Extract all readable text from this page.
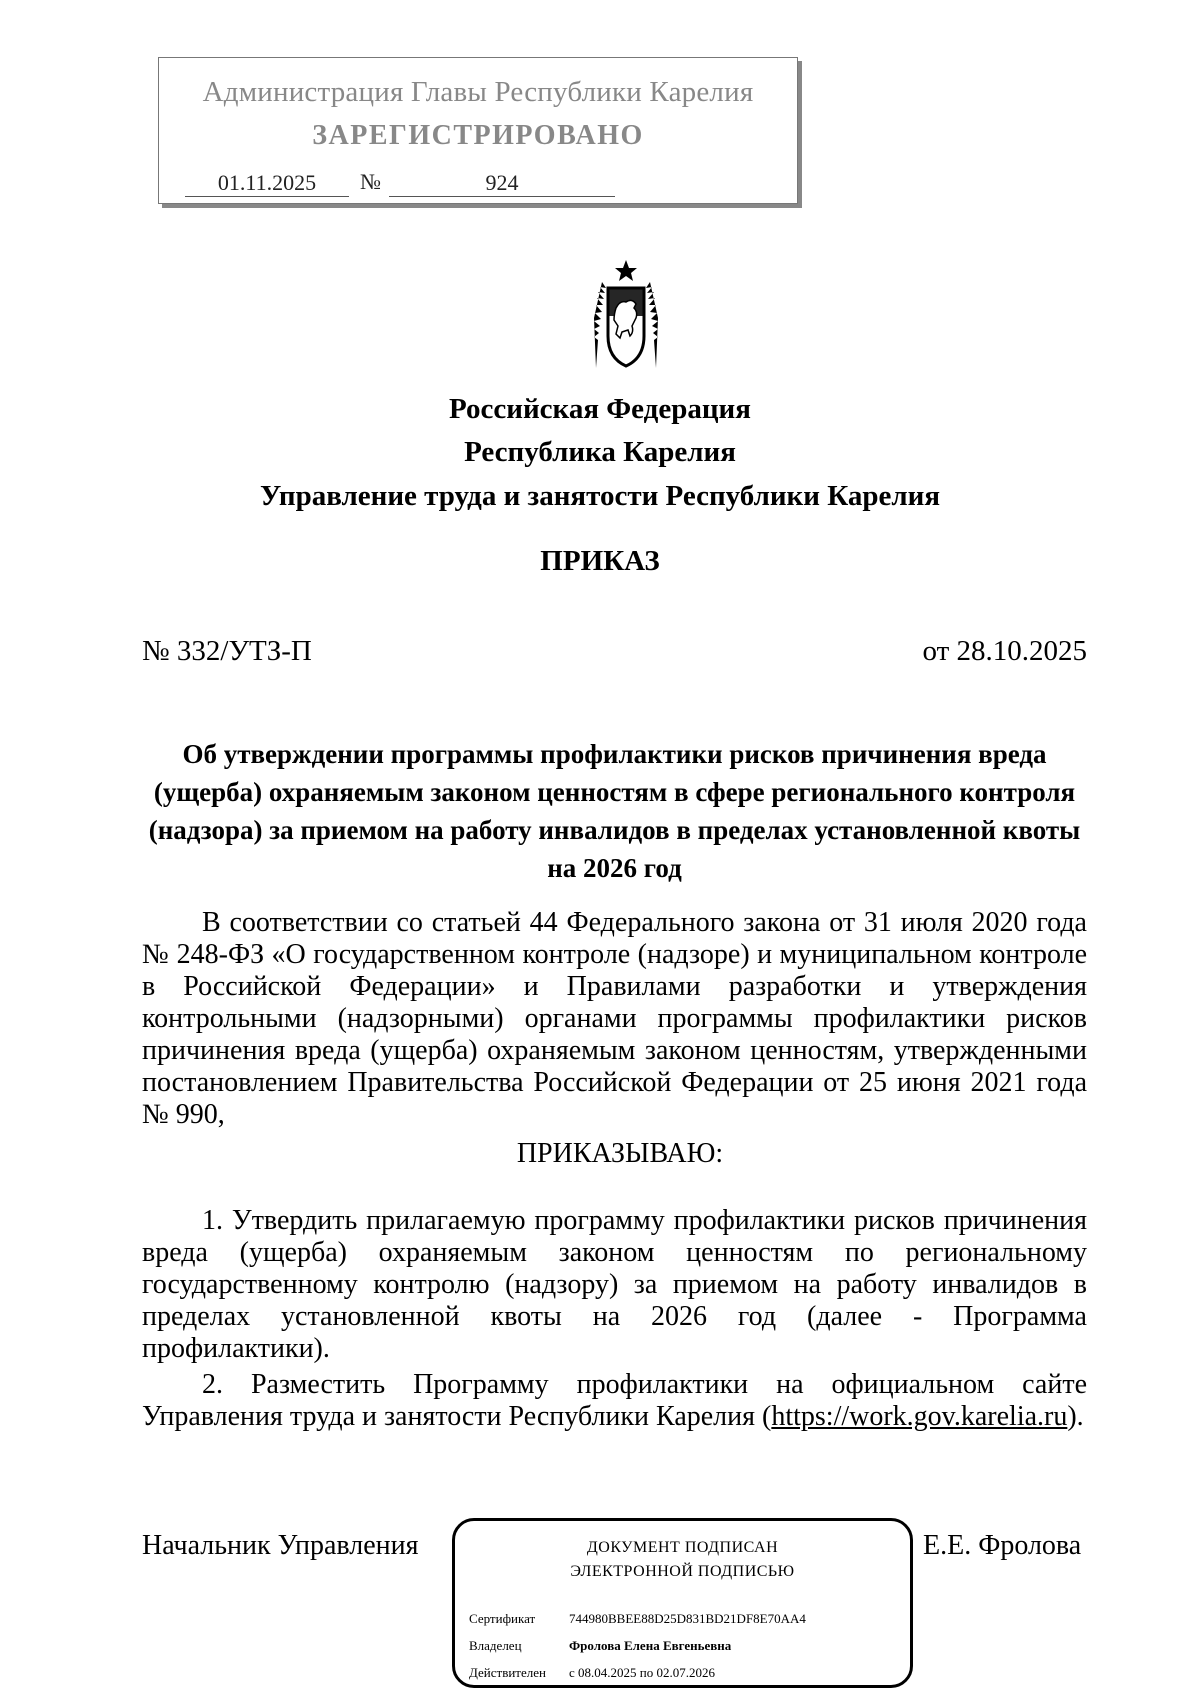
Администрация Главы Республики Карелия
ЗАРЕГИСТРИРОВАНО
01.11.2025	№	924
Российская Федерация
Республика Карелия
Управление труда и занятости Республики Карелия
ПРИКАЗ
№ 332/УТЗ-П	от 28.10.2025
Об утверждении программы профилактики рисков причинения вреда (ущерба) охраняемым законом ценностям в сфере регионального контроля (надзора) за приемом на работу инвалидов в пределах установленной квоты на 2026 год

В соответствии со статьей 44 Федерального закона от 31 июля 2020 года № 248-ФЗ «О государственном контроле (надзоре) и муниципальном контроле в Российской Федерации» и Правилами разработки и утверждения контрольными (надзорными) органами программы профилактики рисков причинения вреда (ущерба) охраняемым законом ценностям, утвержденными постановлением Правительства Российской Федерации от 25 июня 2021 года № 990,

ПРИКАЗЫВАЮ:

1. Утвердить прилагаемую программу профилактики рисков причинения вреда (ущерба) охраняемым законом ценностям по региональному государственному контролю (надзору) за приемом на работу инвалидов в пределах установленной квоты на 2026 год (далее - Программа профилактики).

2. Разместить Программу профилактики на официальном сайте Управления труда и занятости Республики Карелия (https://work.gov.karelia.ru).

Начальник Управления	Е.Е. Фролова
ДОКУМЕНТ ПОДПИСАН
ЭЛЕКТРОННОЙ ПОДПИСЬЮ
Сертификат	744980BBEE88D25D831BD21DF8E70AA4
Владелец	Фролова Елена Евгеньевна
Действителен с 08.04.2025 по 02.07.2026
